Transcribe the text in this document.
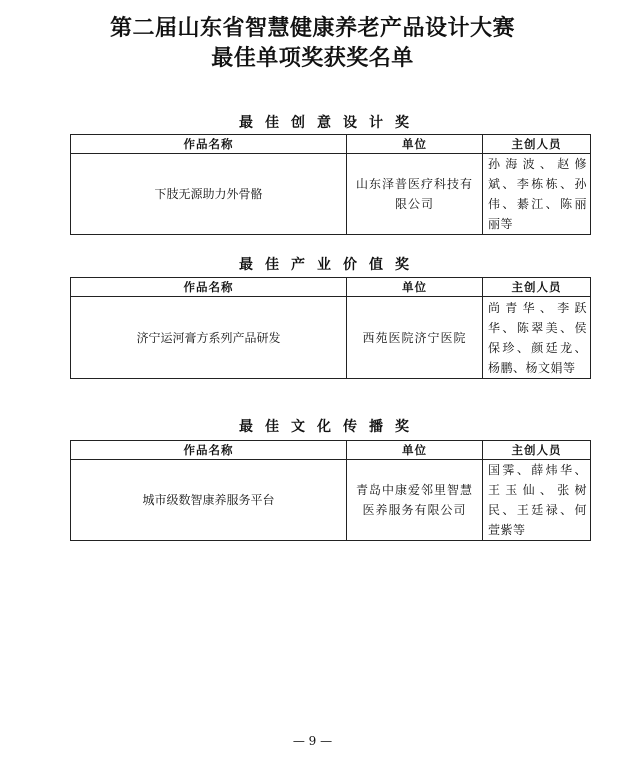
第二届山东省智慧健康养老产品设计大赛
最佳单项奖获奖名单
最佳创意设计奖
作品名称	单位	主创人员
下肢无源助力外骨骼	山东泽普医疗科技有限公司	孙海波、赵修斌、李栋栋、孙伟、綦江、陈丽丽等
最佳产业价值奖
作品名称	单位	主创人员
济宁运河膏方系列产品研发	西苑医院济宁医院	尚青华、李跃华、陈翠美、侯保珍、颜廷龙、杨鹏、杨文娟等
最佳文化传播奖
作品名称	单位	主创人员
城市级数智康养服务平台	青岛中康爱邻里智慧医养服务有限公司	国霁、薛炜华、王玉仙、张树民、王廷禄、何萱紫等
— 9 —
